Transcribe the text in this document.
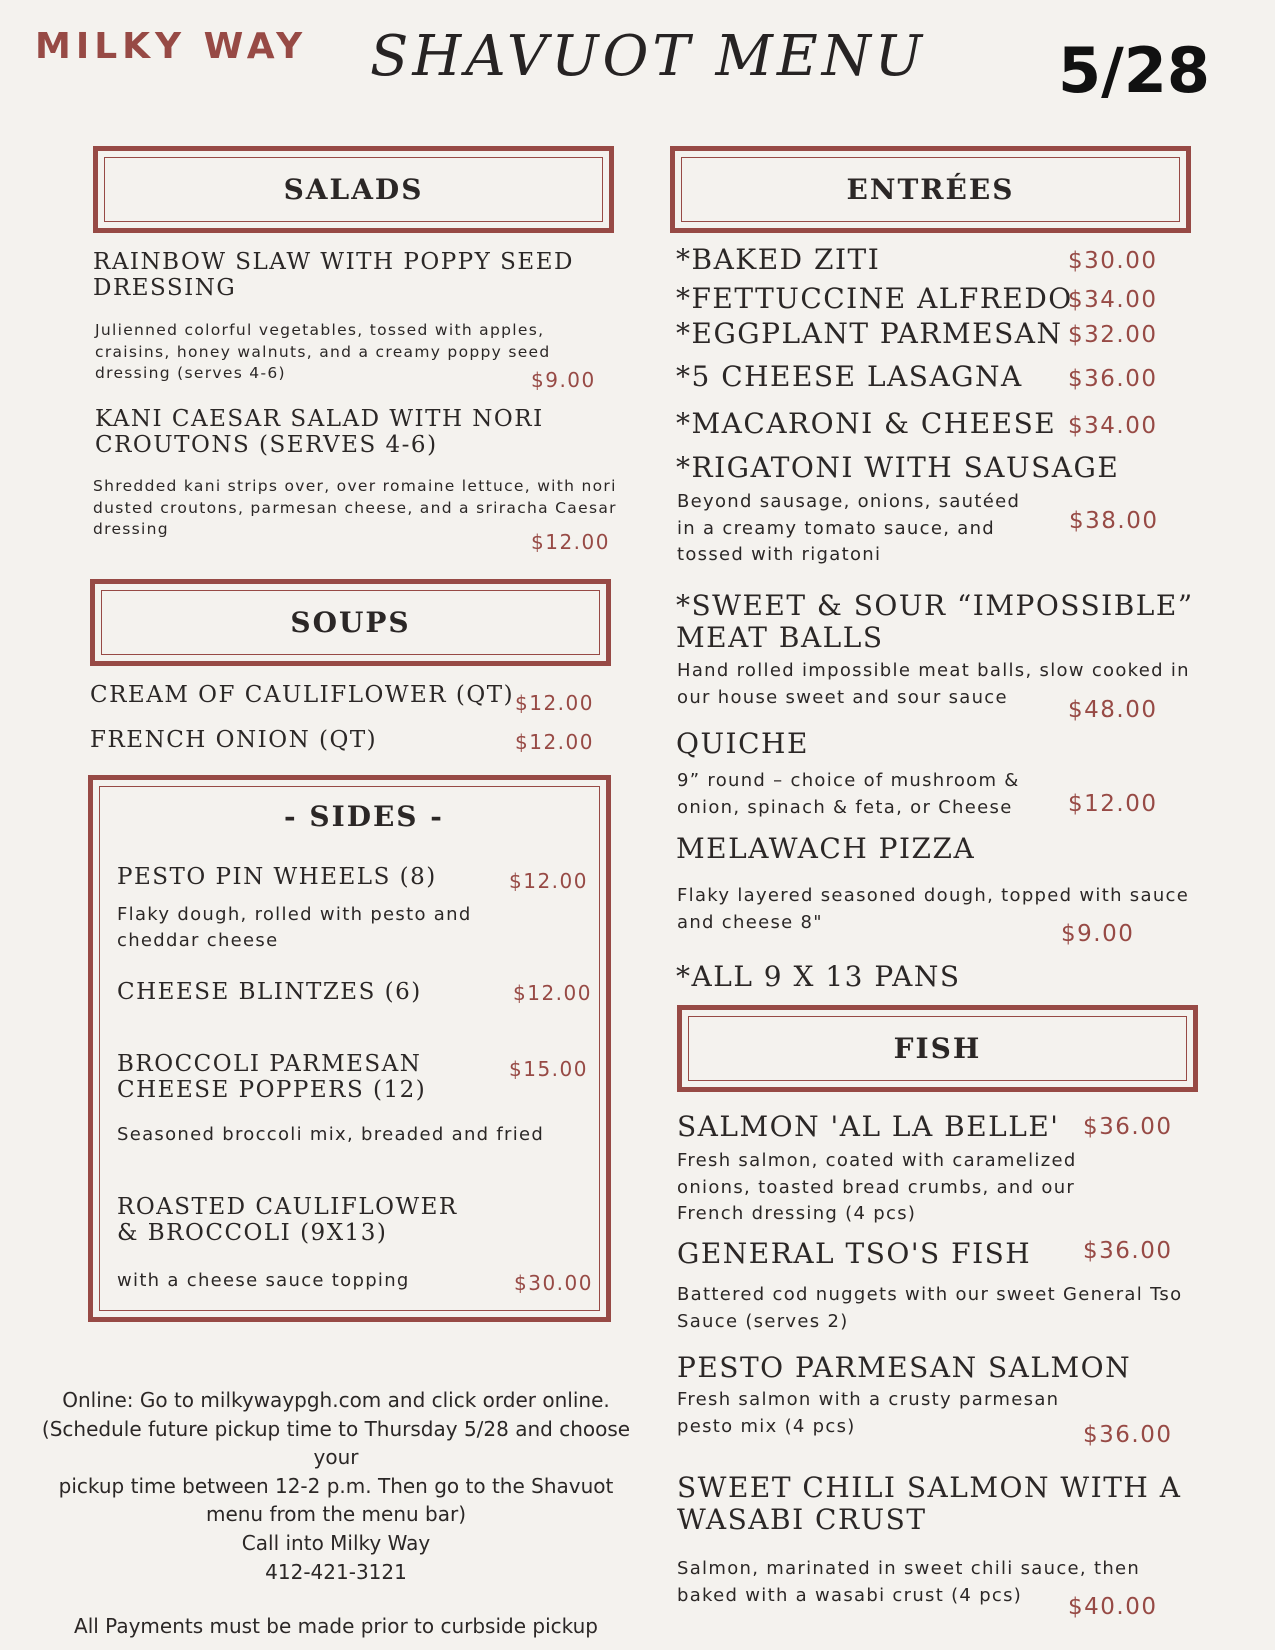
MILKY WAY SHAVUOT MENU 5/28
SALADS
RAINBOW SLAW WITH POPPY SEED
DRESSING
Julienned colorful vegetables, tossed with apples,
craisins, honey walnuts, and a creamy poppy seed
dressing (serves 4-6)	$9.00
KANI CAESAR SALAD WITH NORI
CROUTONS (SERVES 4-6)
Shredded kani strips over, over romaine lettuce, with nori
dusted croutons, parmesan cheese, and a sriracha Caesar
dressing
$12.00
SOUPS
CREAM OF CAULIFLOWER (QT) $12.00
FRENCH ONION (QT)	$12.00
- SIDES -
PESTO PIN WHEELS (8)	$12.00
Flaky dough, rolled with pesto and
cheddar cheese
CHEESE BLINTZES (6)	$12.00
BROCCOLI PARMESAN
CHEESE POPPERS (12)
$15.00
Seasoned broccoli mix, breaded and fried
ROASTED CAULIFLOWER
& BROCCOLI (9X13)
with a cheese sauce topping	$30.00
Online: Go to milkywaypgh.com and click order online.
(Schedule future pickup time to Thursday 5/28 and choose your
pickup time between 12-2 p.m. Then go to the Shavuot
menu from the menu bar)
Call into Milky Way
412-421-3121
All Payments must be made prior to curbside pickup
ENTRÉES
*BAKED ZITI	$30.00
*FETTUCCINE ALFREDO
$34.00
*EGGPLANT PARMESAN $32.00
*5 CHEESE LASAGNA $36.00
*MACARONI & CHEESE $34.00
*RIGATONI WITH SAUSAGE
Beyond sausage, onions, sautéed
in a creamy tomato sauce, and
tossed with rigatoni
$38.00
*SWEET & SOUR “IMPOSSIBLE”
MEAT BALLS
Hand rolled impossible meat balls, slow cooked in
our house sweet and sour sauce	$48.00
QUICHE
9” round – choice of mushroom &
onion, spinach & feta, or Cheese	$12.00
MELAWACH PIZZA
Flaky layered seasoned dough, topped with sauce
and cheese 8"	$9.00
*ALL 9 X 13 PANS
FISH
SALMON 'AL LA BELLE' $36.00
Fresh salmon, coated with caramelized
onions, toasted bread crumbs, and our
French dressing (4 pcs)
GENERAL TSO'S FISH $36.00
Battered cod nuggets with our sweet General Tso
Sauce (serves 2)
PESTO PARMESAN SALMON
Fresh salmon with a crusty parmesan
pesto mix (4 pcs)	$36.00
SWEET CHILI SALMON WITH A
WASABI CRUST
Salmon, marinated in sweet chili sauce, then
baked with a wasabi crust (4 pcs)	$40.00
